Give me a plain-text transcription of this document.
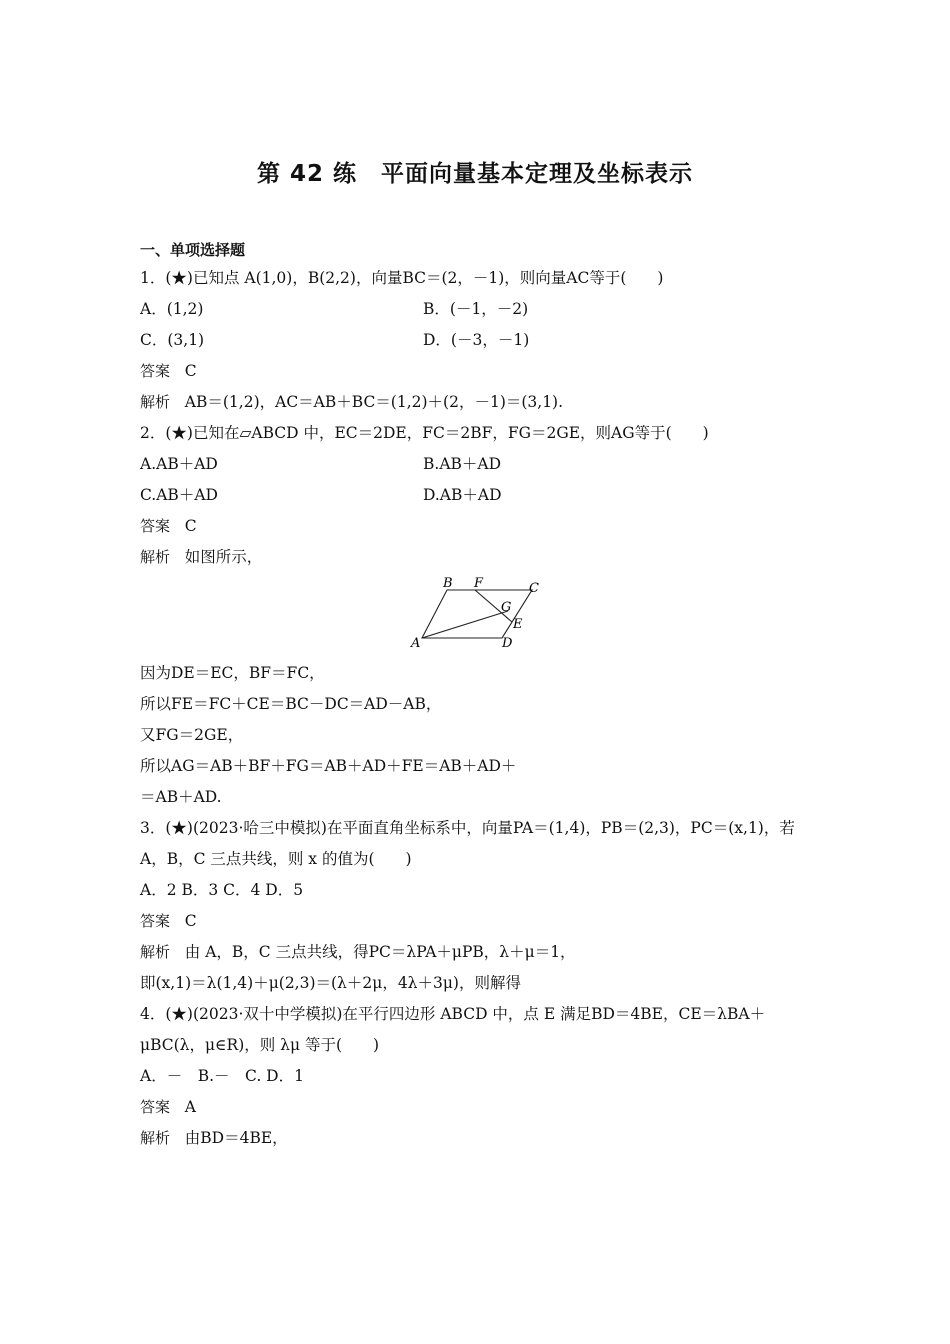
第 42 练　平面向量基本定理及坐标表示
一、单项选择题
1．(★)已知点 A(1,0)，B(2,2)，向量BC＝(2，－1)，则向量AC等于(　　)
A．(1,2)	B．(－1，－2)
C．(3,1)	D．(－3，－1)
答案 C
解析 AB＝(1,2)，AC＝AB＋BC＝(1,2)＋(2，－1)＝(3,1).
2．(★)已知在▱ABCD 中，EC＝2DE，FC＝2BF，FG＝2GE，则AG等于(　　)
A.AB＋AD	B.AB＋AD
C.AB＋AD	D.AB＋AD
答案 C
解析 如图所示，
B F	C
G
E
A	D
因为DE＝EC，BF＝FC，
所以FE＝FC＋CE＝BC－DC＝AD－AB，
又FG＝2GE，
所以AG＝AB＋BF＋FG＝AB＋AD＋FE＝AB＋AD＋
＝AB＋AD.
3．(★)(2023·哈三中模拟)在平面直角坐标系中，向量PA＝(1,4)，PB＝(2,3)，PC＝(x,1)，若
A，B，C 三点共线，则 x 的值为(　　)
A．2 B．3 C．4 D．5
答案 C
解析 由 A，B，C 三点共线，得PC＝λPA＋μPB，λ＋μ＝1，
即(x,1)＝λ(1,4)＋μ(2,3)＝(λ＋2μ，4λ＋3μ)，则解得
4．(★)(2023·双十中学模拟)在平行四边形 ABCD 中，点 E 满足BD＝4BE，CE＝λBA＋
μBC(λ，μ∈R)，则 λμ 等于(　　)
A．－　B.－　C. D．1
答案 A
解析 由BD＝4BE，
